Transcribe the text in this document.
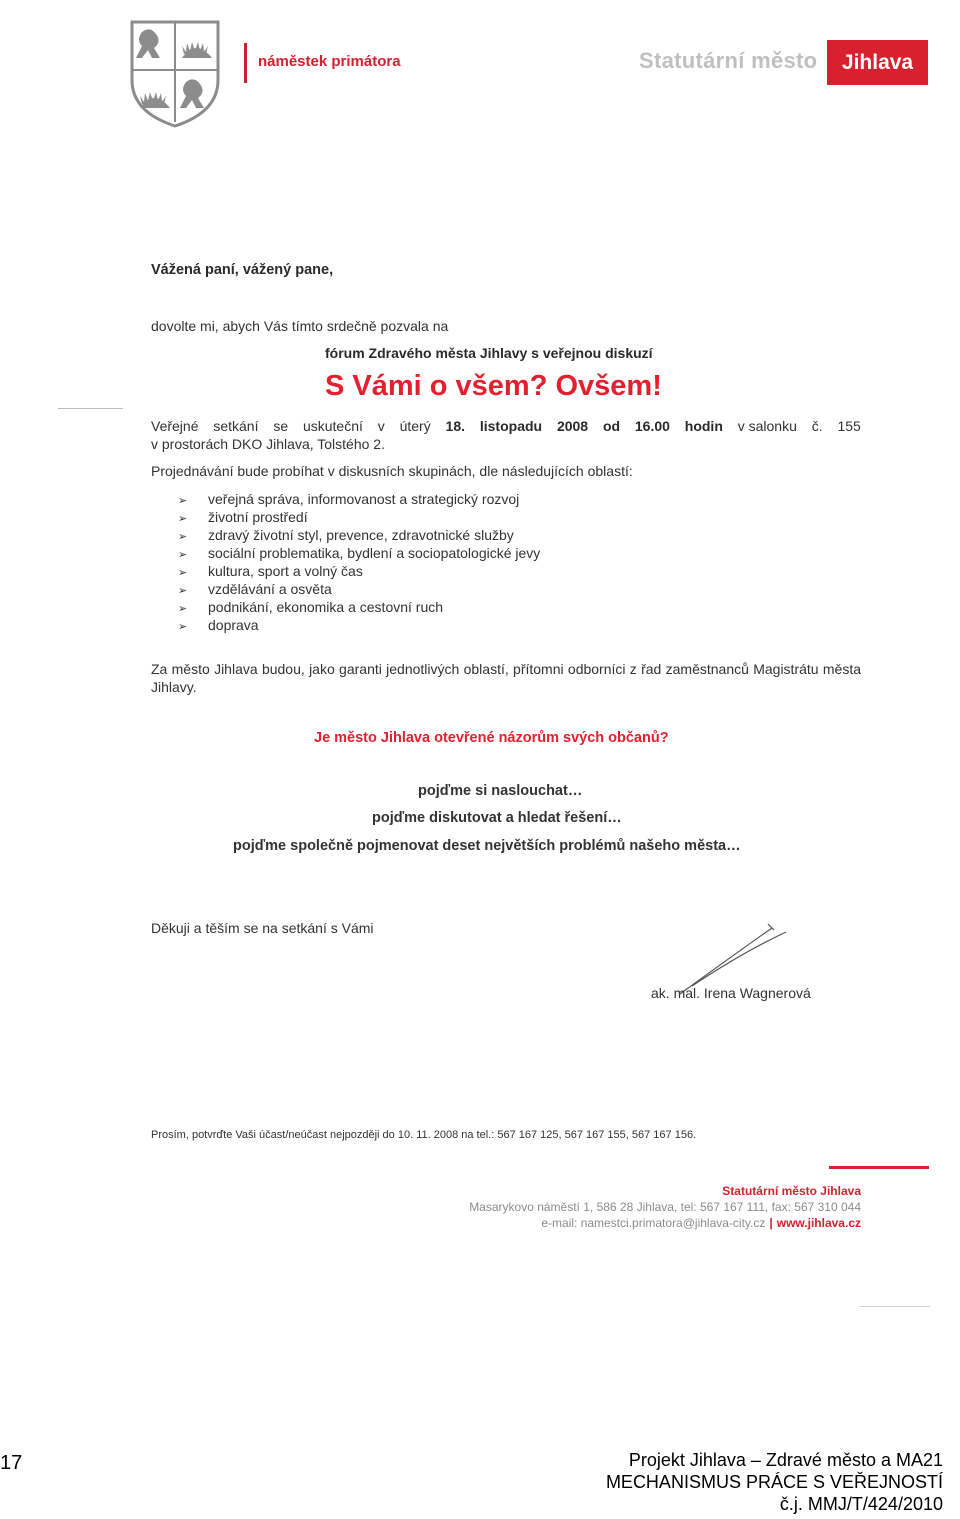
náměstek primátora	Statutární město	Jihlava
Vážená paní, vážený pane,
dovolte mi, abych Vás tímto srdečně pozvala na
fórum Zdravého města Jihlavy s veřejnou diskuzí
S Vámi o všem? Ovšem!
Veřejné setkání se uskuteční v úterý 18. listopadu 2008 od 16.00 hodin v salonku č. 155
v prostorách DKO Jihlava, Tolstého 2.
Projednávání bude probíhat v diskusních skupinách, dle následujících oblastí:
➢ veřejná správa, informovanost a strategický rozvoj
➢ životní prostředí
➢ zdravý životní styl, prevence, zdravotnické služby
➢ sociální problematika, bydlení a sociopatologické jevy
➢ kultura, sport a volný čas
➢ vzdělávání a osvěta
➢ podnikání, ekonomika a cestovní ruch
➢ doprava
Za město Jihlava budou, jako garanti jednotlivých oblastí, přítomni odborníci z řad zaměstnanců Magistrátu města Jihlavy.
Je město Jihlava otevřené názorům svých občanů?
pojďme si naslouchat…
pojďme diskutovat a hledat řešení…
pojďme společně pojmenovat deset největších problémů našeho města…
Děkuji a těším se na setkání s Vámi
ak. mal. Irena Wagnerová
Prosím, potvrďte Vaši účast/neúčast nejpozději do 10. 11. 2008 na tel.: 567 167 125, 567 167 155, 567 167 156.
Statutární město Jihlava
Masarykovo náměstí 1, 586 28 Jihlava, tel: 567 167 111, fax: 567 310 044
e-mail: namestci.primatora@jihlava-city.cz | www.jihlava.cz
17	Projekt Jihlava – Zdravé město a MA21
MECHANISMUS PRÁCE S VEŘEJNOSTÍ
č.j. MMJ/T/424/2010
